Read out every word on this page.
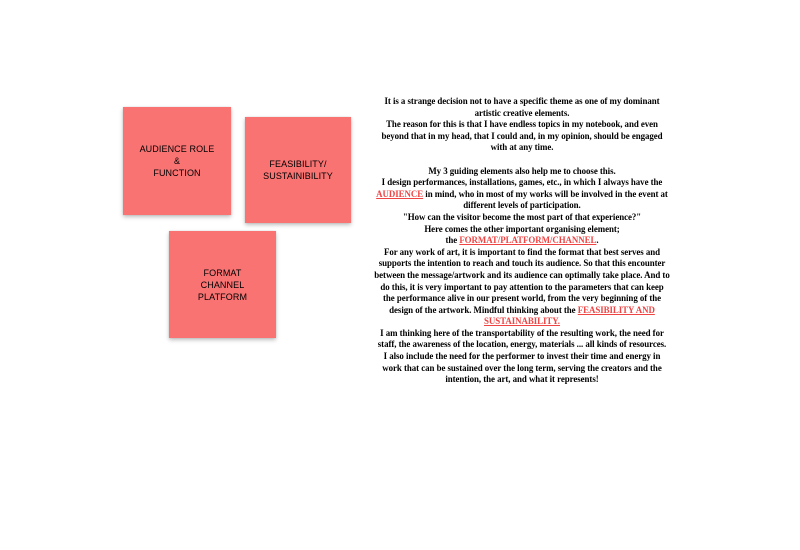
AUDIENCE ROLE
&
FUNCTION
FEASIBILITY/
SUSTAINIBILITY
FORMAT
CHANNEL
PLATFORM

It is a strange decision not to have a specific theme as one of my dominant artistic creative elements.

The reason for this is that I have endless topics in my notebook, and even beyond that in my head, that I could and, in my opinion, should be engaged with at any time.

My 3 guiding elements also help me to choose this.

I design performances, installations, games, etc., in which I always have the AUDIENCE in mind, who in most of my works will be involved in the event at different levels of participation.

"How can the visitor become the most part of that experience?"

Here comes the other important organising element;

the FORMAT/PLATFORM/CHANNEL.

For any work of art, it is important to find the format that best serves and supports the intention to reach and touch its audience. So that this encounter between the message/artwork and its audience can optimally take place. And to do this, it is very important to pay attention to the parameters that can keep the performance alive in our present world, from the very beginning of the design of the artwork. Mindful thinking about the FEASIBILITY AND SUSTAINABILITY.

I am thinking here of the transportability of the resulting work, the need for staff, the awareness of the location, energy, materials ... all kinds of resources.

I also include the need for the performer to invest their time and energy in work that can be sustained over the long term, serving the creators and the intention, the art, and what it represents!
